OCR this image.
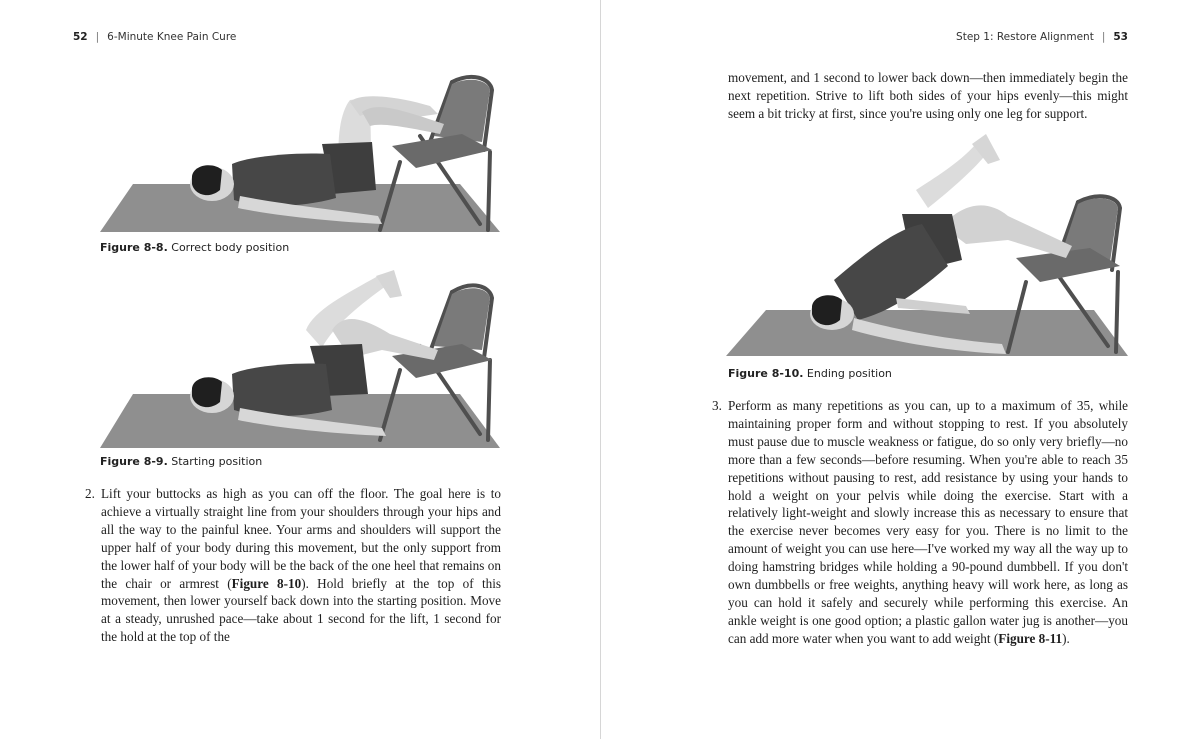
52 | 6-Minute Knee Pain Cure
Figure 8-8. Correct body position
Figure 8-9. Starting position
2. Lift your buttocks as high as you can off the floor. The goal here is to achieve a virtually straight line from your shoulders through your hips and all the way to the painful knee. Your arms and shoulders will support the upper half of your body during this movement, but the only support from the lower half of your body will be the back of the one heel that remains on the chair or armrest (Figure 8-10). Hold briefly at the top of this movement, then lower yourself back down into the starting position. Move at a steady, unrushed pace—take about 1 second for the lift, 1 second for the hold at the top of the

Step 1: Restore Alignment | 53

movement, and 1 second to lower back down—then immediately begin the next repetition. Strive to lift both sides of your hips evenly—this might seem a bit tricky at first, since you're using only one leg for support.

Figure 8-10. Ending position
3. Perform as many repetitions as you can, up to a maximum of 35, while maintaining proper form and without stopping to rest. If you absolutely must pause due to muscle weakness or fatigue, do so only very briefly—no more than a few seconds—before resuming. When you're able to reach 35 repetitions without pausing to rest, add resistance by using your hands to hold a weight on your pelvis while doing the exercise. Start with a relatively light-weight and slowly increase this as necessary to ensure that the exercise never becomes very easy for you. There is no limit to the amount of weight you can use here—I've worked my way all the way up to doing hamstring bridges while holding a 90-pound dumbbell. If you don't own dumbbells or free weights, anything heavy will work here, as long as you can hold it safely and securely while performing this exercise. An ankle weight is one good option; a plastic gallon water jug is another—you can add more water when you want to add weight (Figure 8-11).
